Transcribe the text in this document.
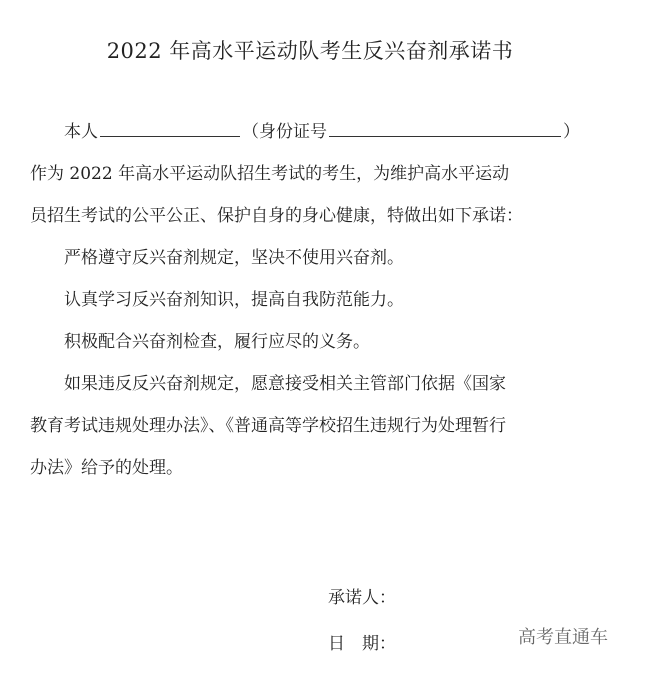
2022 年高水平运动队考生反兴奋剂承诺书
本人	（身份证号	）
作为 2022 年高水平运动队招生考试的考生，为维护高水平运动
员招生考试的公平公正、保护自身的身心健康，特做出如下承诺：
严格遵守反兴奋剂规定，坚决不使用兴奋剂。
认真学习反兴奋剂知识，提高自我防范能力。
积极配合兴奋剂检查，履行应尽的义务。
如果违反反兴奋剂规定，愿意接受相关主管部门依据《国家
教育考试违规处理办法》、《普通高等学校招生违规行为处理暂行
办法》给予的处理。
承诺人：
日　期：	高考直通车
